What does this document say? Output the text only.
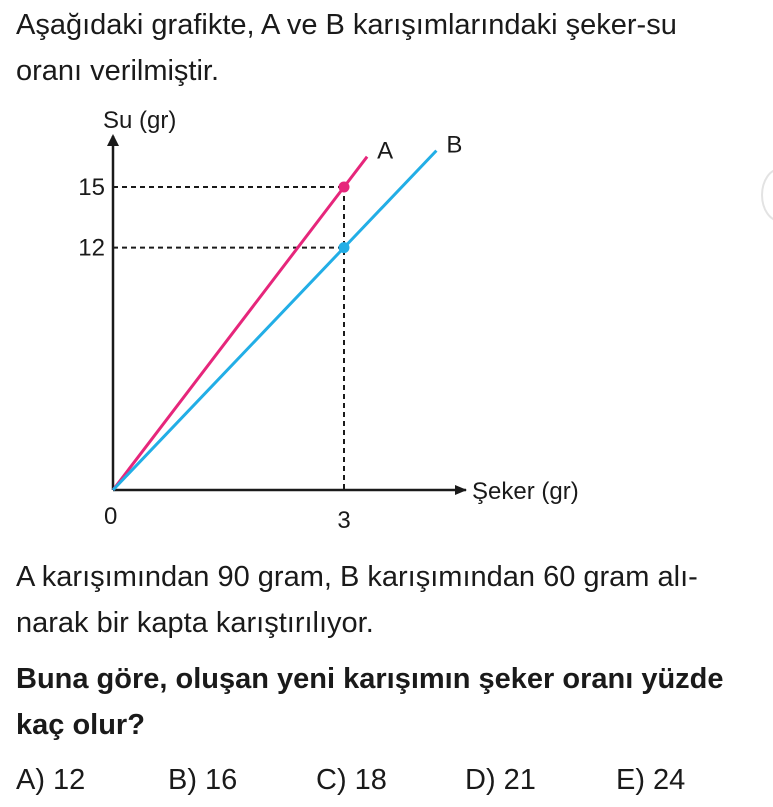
Aşağıdaki grafikte, A ve B karışımlarındaki şeker-su
oranı verilmiştir.

A B
Su (gr)
Şeker (gr)
0
12
15
3

A karışımından 90 gram, B karışımından 60 gram alı-
narak bir kapta karıştırılıyor.

Buna göre, oluşan yeni karışımın şeker oranı yüzde
kaç olur?

A) 12	B) 16	C) 18	D) 21	E) 24
